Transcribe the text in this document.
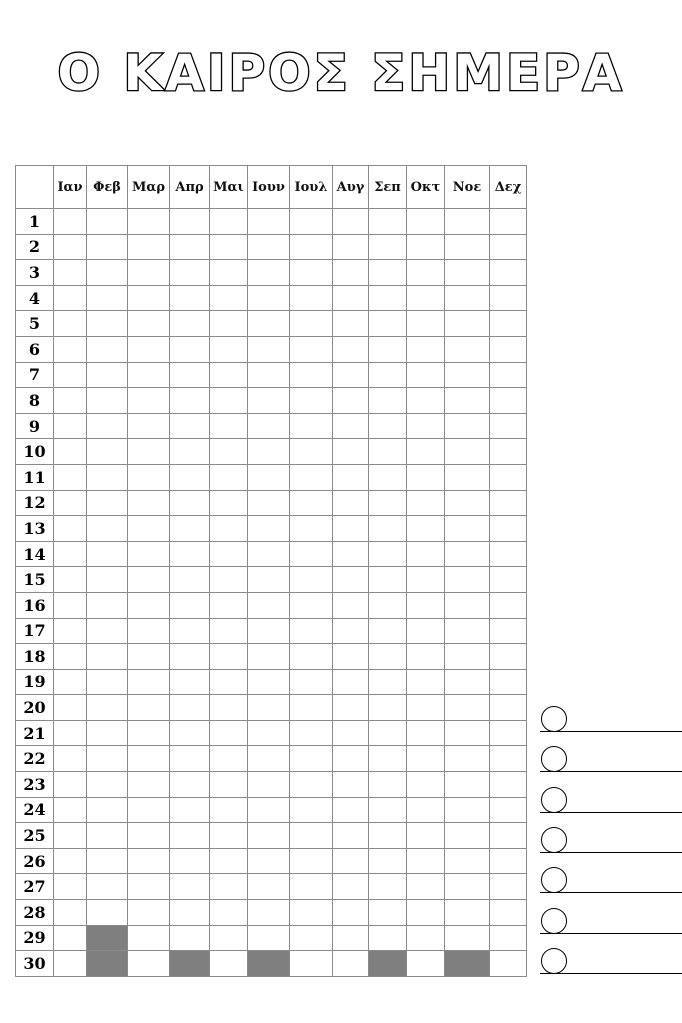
Ο ΚΑΙΡΟΣ ΣΗΜΕΡΑ
	Ιαν	Φεβ	Μαρ	Απρ	Μαι	Ιουν	Ιουλ	Αυγ	Σεπ	Οκτ	Νοε	Δεχ
1												
2												
3												
4												
5												
6												
7												
8												
9												
10												
11												
12												
13												
14												
15												
16												
17												
18												
19												
20												
21												
22												
23												
24												
25												
26												
27												
28												
29												
30												
